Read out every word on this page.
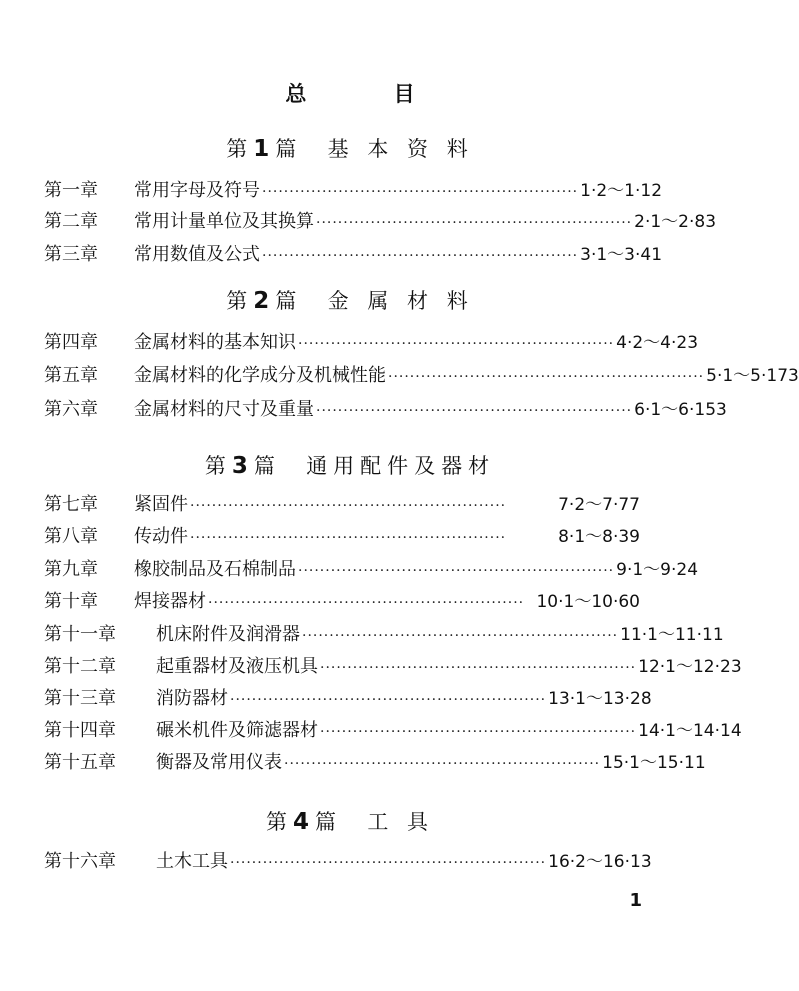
总 目
第1篇 基 本 资 料
第2篇 金 属 材 料
第3篇 通用配件及器材
第4篇 工 具
第一章	常用字母及符号 ·························································· 1·2～1·12
第二章	常用计量单位及其换算 ·························································· 2·1～2·83
第三章	常用数值及公式 ·························································· 3·1～3·41
第四章	金属材料的基本知识 ·························································· 4·2～4·23
第五章	金属材料的化学成分及机械性能 ·························································· 5·1～5·173
第六章	金属材料的尺寸及重量 ·························································· 6·1～6·153
第七章	紧固件 ··························································	7·2～7·77
第八章	传动件 ··························································	8·1～8·39
第九章	橡胶制品及石棉制品 ·························································· 9·1～9·24
第十章	焊接器材 ·························································· 10·1～10·60
第十一章	机床附件及润滑器 ·························································· 11·1～11·11
第十二章	起重器材及液压机具 ·························································· 12·1～12·23
第十三章	消防器材 ·························································· 13·1～13·28
第十四章	碾米机件及筛滤器材 ·························································· 14·1～14·14
第十五章	衡器及常用仪表 ·························································· 15·1～15·11
第十六章	土木工具 ·························································· 16·2～16·13
1
